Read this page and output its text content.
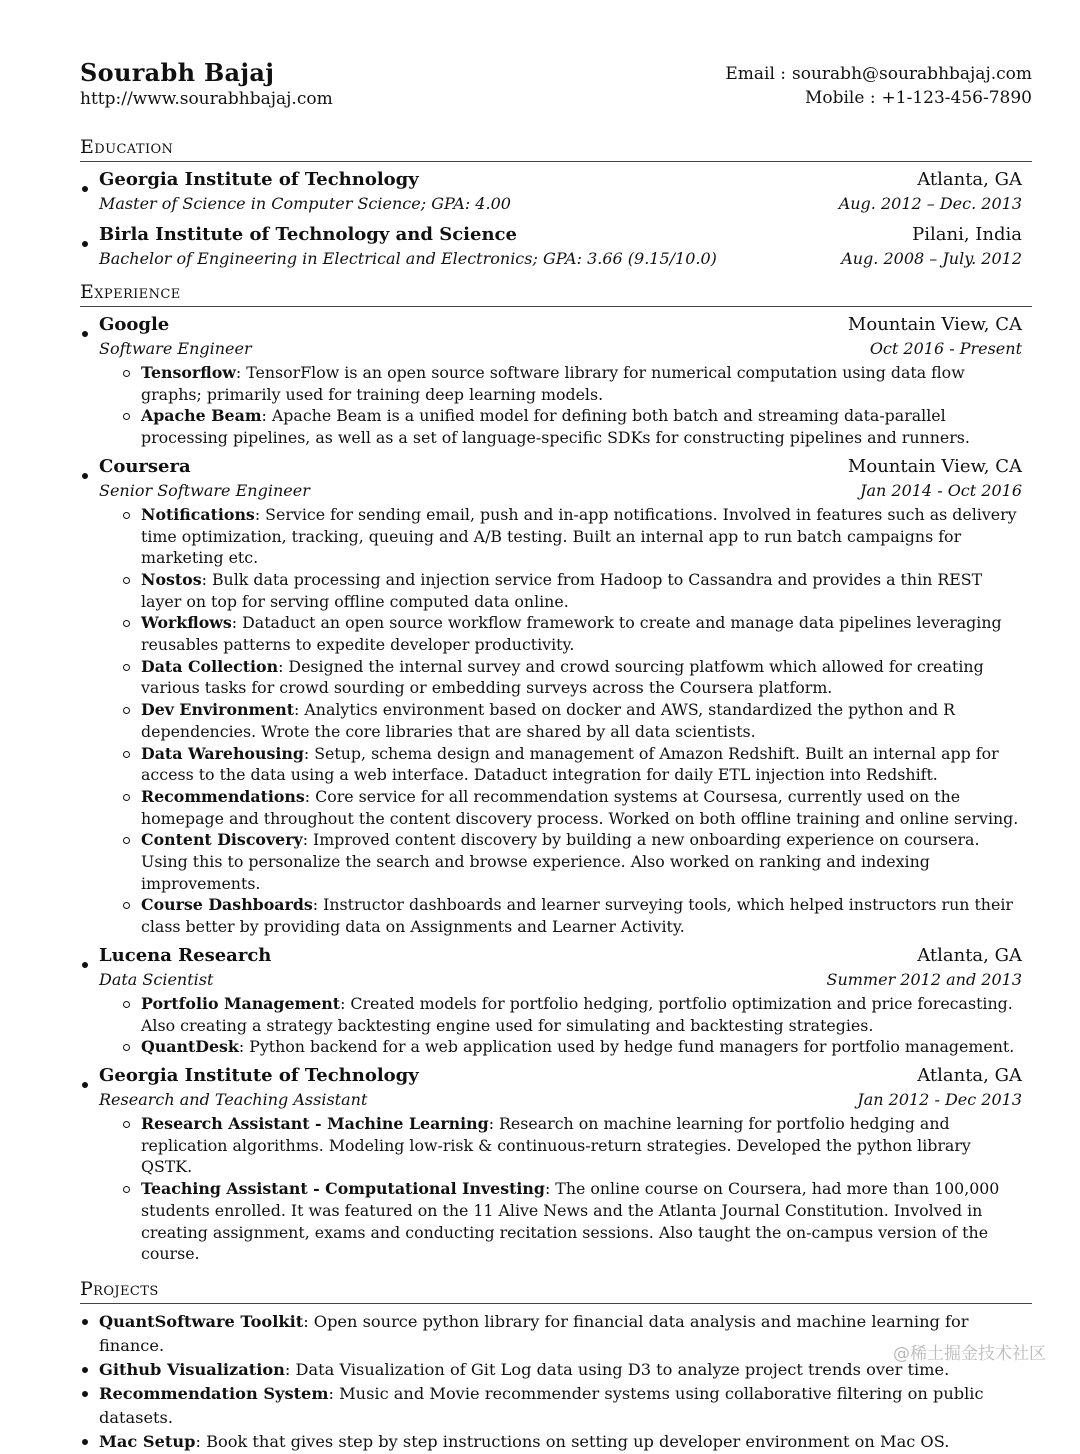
Sourabh Bajaj
http://www.sourabhbajaj.com
Email : sourabh@sourabhbajaj.com
Mobile : +1-123-456-7890
Education
Georgia Institute of Technology	Atlanta, GA
Master of Science in Computer Science; GPA: 4.00	Aug. 2012 – Dec. 2013
Birla Institute of Technology and Science	Pilani, India
Bachelor of Engineering in Electrical and Electronics; GPA: 3.66 (9.15/10.0)	Aug. 2008 – July. 2012
Experience
Google	Mountain View, CA
Software Engineer	Oct 2016 - Present
Tensorflow: TensorFlow is an open source software library for numerical computation using data flow graphs; primarily used for training deep learning models.
Apache Beam: Apache Beam is a unified model for defining both batch and streaming data-parallel processing pipelines, as well as a set of language-specific SDKs for constructing pipelines and runners.
Coursera	Mountain View, CA
Senior Software Engineer	Jan 2014 - Oct 2016
Notifications: Service for sending email, push and in-app notifications. Involved in features such as delivery time optimization, tracking, queuing and A/B testing. Built an internal app to run batch campaigns for marketing etc.
Nostos: Bulk data processing and injection service from Hadoop to Cassandra and provides a thin REST layer on top for serving offline computed data online.
Workflows: Dataduct an open source workflow framework to create and manage data pipelines leveraging reusables patterns to expedite developer productivity.
Data Collection: Designed the internal survey and crowd sourcing platfowm which allowed for creating various tasks for crowd sourding or embedding surveys across the Coursera platform.
Dev Environment: Analytics environment based on docker and AWS, standardized the python and R dependencies. Wrote the core libraries that are shared by all data scientists.
Data Warehousing: Setup, schema design and management of Amazon Redshift. Built an internal app for access to the data using a web interface. Dataduct integration for daily ETL injection into Redshift.
Recommendations: Core service for all recommendation systems at Coursesa, currently used on the homepage and throughout the content discovery process. Worked on both offline training and online serving.
Content Discovery: Improved content discovery by building a new onboarding experience on coursera. Using this to personalize the search and browse experience. Also worked on ranking and indexing improvements.
Course Dashboards: Instructor dashboards and learner surveying tools, which helped instructors run their class better by providing data on Assignments and Learner Activity.
Lucena Research	Atlanta, GA
Data Scientist	Summer 2012 and 2013
Portfolio Management: Created models for portfolio hedging, portfolio optimization and price forecasting. Also creating a strategy backtesting engine used for simulating and backtesting strategies.
QuantDesk: Python backend for a web application used by hedge fund managers for portfolio management.
Georgia Institute of Technology	Atlanta, GA
Research and Teaching Assistant	Jan 2012 - Dec 2013
Research Assistant - Machine Learning: Research on machine learning for portfolio hedging and replication algorithms. Modeling low-risk & continuous-return strategies. Developed the python library QSTK.
Teaching Assistant - Computational Investing: The online course on Coursera, had more than 100,000 students enrolled. It was featured on the 11 Alive News and the Atlanta Journal Constitution. Involved in creating assignment, exams and conducting recitation sessions. Also taught the on-campus version of the course.
Projects
QuantSoftware Toolkit: Open source python library for financial data analysis and machine learning for finance.
Github Visualization: Data Visualization of Git Log data using D3 to analyze project trends over time.
Recommendation System: Music and Movie recommender systems using collaborative filtering on public datasets.
Mac Setup: Book that gives step by step instructions on setting up developer environment on Mac OS.
@稀土掘金技术社区
